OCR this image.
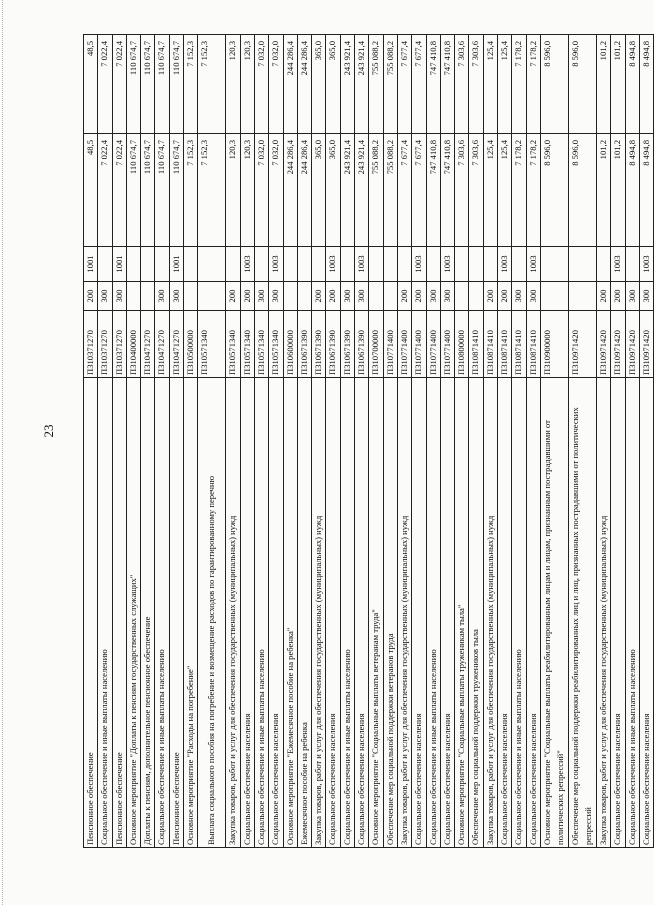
23
Пенсионное обеспечение	П310371270	200	1001	48,5	48,5
Социальное обеспечение и иные выплаты населению	П310371270	300		7 022,4	7 022,4
Пенсионное обеспечение	П310371270	300	1001	7 022,4	7 022,4
Основное мероприятие "Доплаты к пенсиям государственных служащих"	П310400000			110 674,7	110 674,7
Доплаты к пенсиям, дополнительное пенсионное обеспечение	П310471270			110 674,7	110 674,7
Социальное обеспечение и иные выплаты населению	П310471270	300		110 674,7	110 674,7
Пенсионное обеспечение	П310471270	300	1001	110 674,7	110 674,7
Основное мероприятие "Расходы на погребение"	П310500000			7 152,3	7 152,3
Выплата социального пособия на погребение и возмещение расходов по гарантированному перечню	П310571340			7 152,3	7 152,3
Закупка товаров, работ и услуг для обеспечения государственных (муниципальных) нужд	П310571340	200		120,3	120,3
Социальное обеспечение населения	П310571340	200	1003	120,3	120,3
Социальное обеспечение и иные выплаты населению	П310571340	300		7 032,0	7 032,0
Социальное обеспечение населения	П310571340	300	1003	7 032,0	7 032,0
Основное мероприятие "Ежемесячное пособие на ребенка"	П310600000			244 286,4	244 286,4
Ежемесячное пособие на ребенка	П310671390			244 286,4	244 286,4
Закупка товаров, работ и услуг для обеспечения государственных (муниципальных) нужд	П310671390	200		365,0	365,0
Социальное обеспечение населения	П310671390	200	1003	365,0	365,0
Социальное обеспечение и иные выплаты населению	П310671390	300		243 921,4	243 921,4
Социальное обеспечение населения	П310671390	300	1003	243 921,4	243 921,4
Основное мероприятие "Социальные выплаты ветеранам труда"	П310700000			755 088,2	755 088,2
Обеспечение мер социальной поддержки ветеранов труда	П310771400			755 088,2	755 088,2
Закупка товаров, работ и услуг для обеспечения государственных (муниципальных) нужд	П310771400	200		7 677,4	7 677,4
Социальное обеспечение населения	П310771400	200	1003	7 677,4	7 677,4
Социальное обеспечение и иные выплаты населению	П310771400	300		747 410,8	747 410,8
Социальное обеспечение населения	П310771400	300	1003	747 410,8	747 410,8
Основное мероприятие "Социальные выплаты труженикам тыла"	П310800000			7 303,6	7 303,6
Обеспечение мер социальной поддержки тружеников тыла	П310871410			7 303,6	7 303,6
Закупка товаров, работ и услуг для обеспечения государственных (муниципальных) нужд	П310871410	200		125,4	125,4
Социальное обеспечение населения	П310871410	200	1003	125,4	125,4
Социальное обеспечение и иные выплаты населению	П310871410	300		7 178,2	7 178,2
Социальное обеспечение населения	П310871410	300	1003	7 178,2	7 178,2
Основное мероприятие "Социальные выплаты реабилитированным лицам и лицам, признанным пострадавшими от политических репрессий"	П310900000			8 596,0	8 596,0
Обеспечение мер социальной поддержки реабилитированных лиц и лиц, признанных пострадавшими от политических репрессий	П310971420			8 596,0	8 596,0
Закупка товаров, работ и услуг для обеспечения государственных (муниципальных) нужд	П310971420	200		101,2	101,2
Социальное обеспечение населения	П310971420	200	1003	101,2	101,2
Социальное обеспечение и иные выплаты населению	П310971420	300		8 494,8	8 494,8
Социальное обеспечение населения	П310971420	300	1003	8 494,8	8 494,8
